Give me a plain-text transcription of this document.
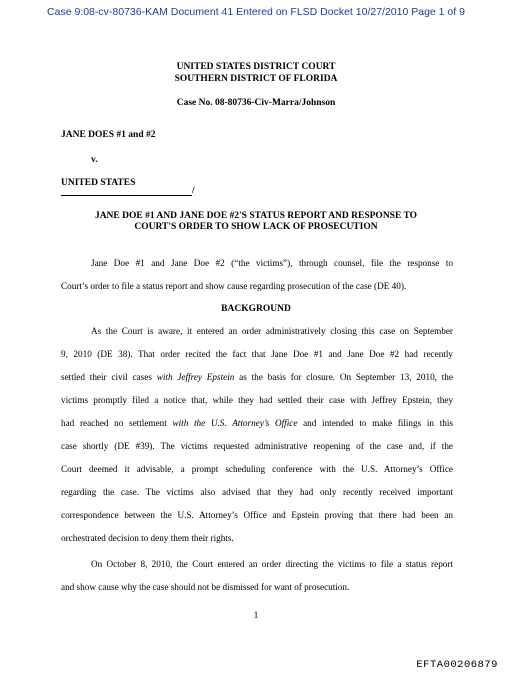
Case 9:08-cv-80736-KAM Document 41 Entered on FLSD Docket 10/27/2010 Page 1 of 9
UNITED STATES DISTRICT COURT
SOUTHERN DISTRICT OF FLORIDA
Case No. 08-80736-Civ-Marra/Johnson
JANE DOES #1 and #2
v.
UNITED STATES
/
JANE DOE #1 AND JANE DOE #2'S STATUS REPORT AND RESPONSE TO
COURT'S ORDER TO SHOW LACK OF PROSECUTION
Jane Doe #1 and Jane Doe #2 (“the victims”), through counsel, file the response to
Court’s order to file a status report and show cause regarding prosecution of the case (DE 40).
BACKGROUND
As the Court is aware, it entered an order administratively closing this case on September
9, 2010 (DE 38). That order recited the fact that Jane Doe #1 and Jane Doe #2 had recently
settled their civil cases with Jeffrey Epstein as the basis for closure. On September 13, 2010, the
victims promptly filed a notice that, while they had settled their case with Jeffrey Epstein, they
had reached no settlement with the U.S. Attorney’s Office and intended to make filings in this
case shortly (DE #39). The victims requested administrative reopening of the case and, if the
Court deemed it advisable, a prompt scheduling conference with the U.S. Attorney’s Office
regarding the case. The victims also advised that they had only recently received important
correspondence between the U.S. Attorney’s Office and Epstein proving that there had been an
orchestrated decision to deny them their rights.
On October 8, 2010, the Court entered an order directing the victims to file a status report
and show cause why the case should not be dismissed for want of prosecution.
1
EFTA00206879
